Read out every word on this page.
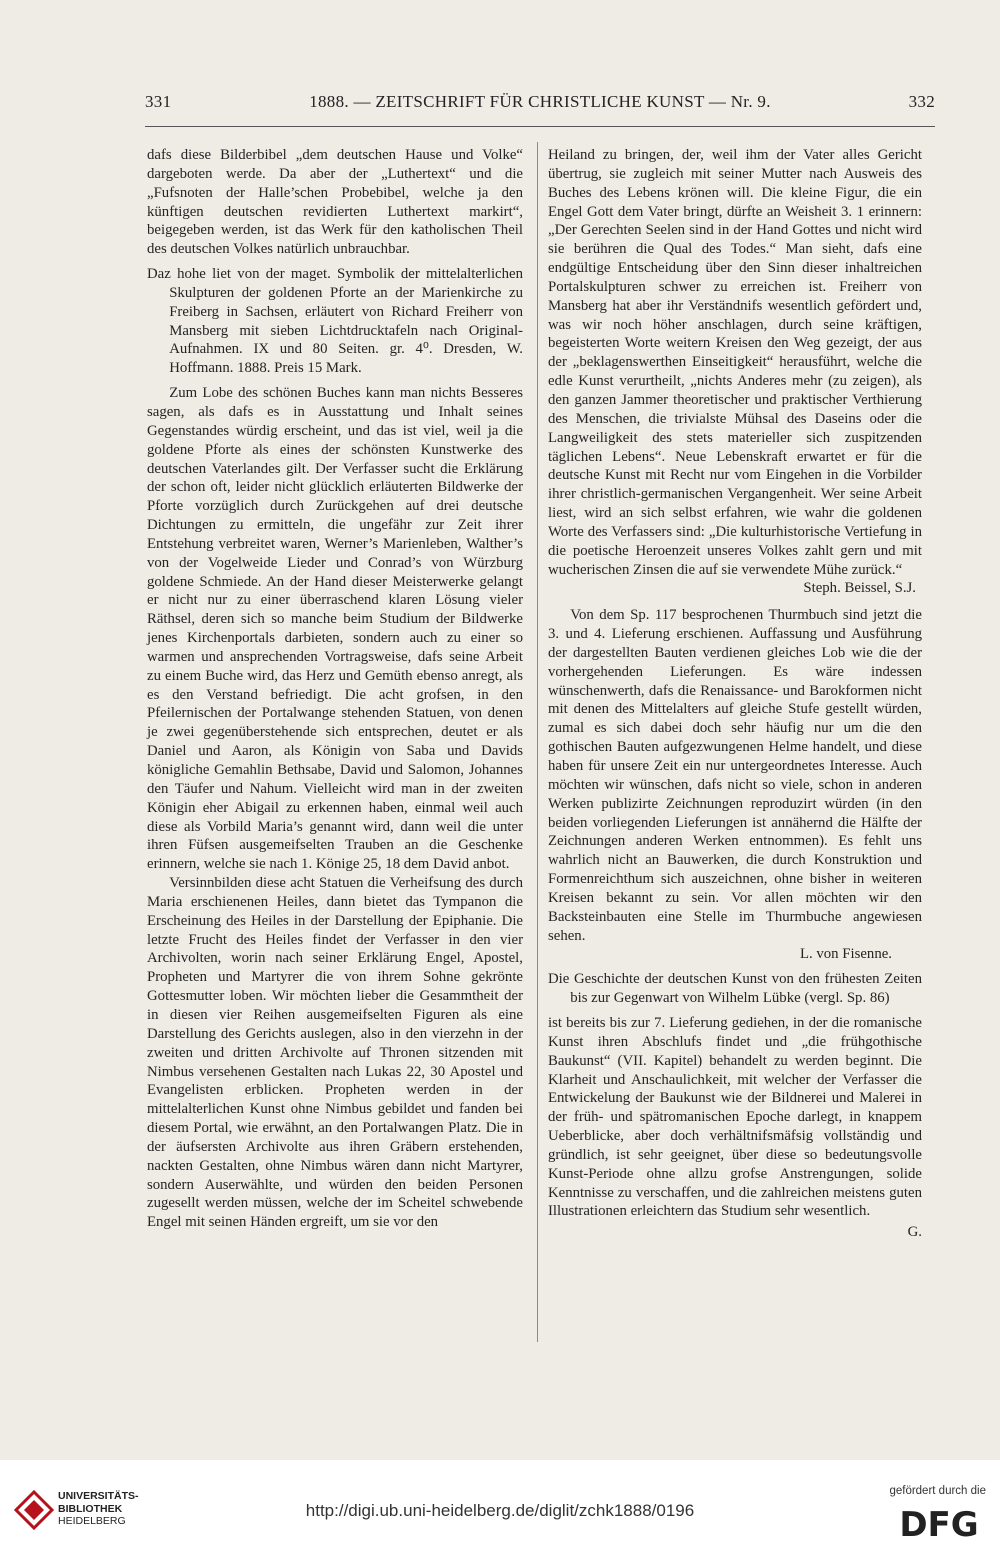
331	1888. — ZEITSCHRIFT FÜR CHRISTLICHE KUNST — Nr. 9.	332

dafs diese Bilderbibel „dem deutschen Hause und Volke“ dargeboten werde. Da aber der „Luthertext“ und die „Fufsnoten der Halle’schen Probebibel, welche ja den künftigen deutschen revidierten Luthertext markirt“, beigegeben werden, ist das Werk für den katholischen Theil des deutschen Volkes natürlich unbrauchbar.

Daz hohe liet von der maget. Symbolik der mittelalterlichen Skulpturen der goldenen Pforte an der Marienkirche zu Freiberg in Sachsen, erläutert von Richard Freiherr von Mansberg mit sieben Lichtdrucktafeln nach Original-Aufnahmen. IX und 80 Seiten. gr. 4⁰. Dresden, W. Hoffmann. 1888. Preis 15 Mark.

Zum Lobe des schönen Buches kann man nichts Besseres sagen, als dafs es in Ausstattung und Inhalt seines Gegenstandes würdig erscheint, und das ist viel, weil ja die goldene Pforte als eines der schönsten Kunstwerke des deutschen Vaterlandes gilt. Der Verfasser sucht die Erklärung der schon oft, leider nicht glücklich erläuterten Bildwerke der Pforte vorzüglich durch Zurückgehen auf drei deutsche Dichtungen zu ermitteln, die ungefähr zur Zeit ihrer Entstehung verbreitet waren, Werner’s Marienleben, Walther’s von der Vogelweide Lieder und Conrad’s von Würzburg goldene Schmiede. An der Hand dieser Meisterwerke gelangt er nicht nur zu einer überraschend klaren Lösung vieler Räthsel, deren sich so manche beim Studium der Bildwerke jenes Kirchenportals darbieten, sondern auch zu einer so warmen und ansprechenden Vortragsweise, dafs seine Arbeit zu einem Buche wird, das Herz und Gemüth ebenso anregt, als es den Verstand befriedigt. Die acht grofsen, in den Pfeilernischen der Portalwange stehenden Statuen, von denen je zwei gegenüberstehende sich entsprechen, deutet er als Daniel und Aaron, als Königin von Saba und Davids königliche Gemahlin Bethsabe, David und Salomon, Johannes den Täufer und Nahum. Vielleicht wird man in der zweiten Königin eher Abigail zu erkennen haben, einmal weil auch diese als Vorbild Maria’s genannt wird, dann weil die unter ihren Füfsen ausgemeifselten Trauben an die Geschenke erinnern, welche sie nach 1. Könige 25, 18 dem David anbot.

Versinnbilden diese acht Statuen die Verheifsung des durch Maria erschienenen Heiles, dann bietet das Tympanon die Erscheinung des Heiles in der Darstellung der Epiphanie. Die letzte Frucht des Heiles findet der Verfasser in den vier Archivolten, worin nach seiner Erklärung Engel, Apostel, Propheten und Martyrer die von ihrem Sohne gekrönte Gottesmutter loben. Wir möchten lieber die Gesammtheit der in diesen vier Reihen ausgemeifselten Figuren als eine Darstellung des Gerichts auslegen, also in den vierzehn in der zweiten und dritten Archivolte auf Thronen sitzenden mit Nimbus versehenen Gestalten nach Lukas 22, 30 Apostel und Evangelisten erblicken. Propheten werden in der mittelalterlichen Kunst ohne Nimbus gebildet und fanden bei diesem Portal, wie erwähnt, an den Portalwangen Platz. Die in der äufsersten Archivolte aus ihren Gräbern erstehenden, nackten Gestalten, ohne Nimbus wären dann nicht Martyrer, sondern Auserwählte, und würden den beiden Personen zugesellt werden müssen, welche der im Scheitel schwebende Engel mit seinen Händen ergreift, um sie vor den

Heiland zu bringen, der, weil ihm der Vater alles Gericht übertrug, sie zugleich mit seiner Mutter nach Ausweis des Buches des Lebens krönen will. Die kleine Figur, die ein Engel Gott dem Vater bringt, dürfte an Weisheit 3. 1 erinnern: „Der Gerechten Seelen sind in der Hand Gottes und nicht wird sie berühren die Qual des Todes.“ Man sieht, dafs eine endgültige Entscheidung über den Sinn dieser inhaltreichen Portalskulpturen schwer zu erreichen ist. Freiherr von Mansberg hat aber ihr Verständnifs wesentlich gefördert und, was wir noch höher anschlagen, durch seine kräftigen, begeisterten Worte weitern Kreisen den Weg gezeigt, der aus der „beklagenswerthen Einseitigkeit“ herausführt, welche die edle Kunst verurtheilt, „nichts Anderes mehr (zu zeigen), als den ganzen Jammer theoretischer und praktischer Verthierung des Menschen, die trivialste Mühsal des Daseins oder die Langweiligkeit des stets materieller sich zuspitzenden täglichen Lebens“. Neue Lebenskraft erwartet er für die deutsche Kunst mit Recht nur vom Eingehen in die Vorbilder ihrer christlich-germanischen Vergangenheit. Wer seine Arbeit liest, wird an sich selbst erfahren, wie wahr die goldenen Worte des Verfassers sind: „Die kulturhistorische Vertiefung in die poetische Heroenzeit unseres Volkes zahlt gern und mit wucherischen Zinsen die auf sie verwendete Mühe zurück.“

Steph. Beissel, S.J.

Von dem Sp. 117 besprochenen Thurmbuch sind jetzt die 3. und 4. Lieferung erschienen. Auffassung und Ausführung der dargestellten Bauten verdienen gleiches Lob wie die der vorhergehenden Lieferungen. Es wäre indessen wünschenwerth, dafs die Renaissance- und Barokformen nicht mit denen des Mittelalters auf gleiche Stufe gestellt würden, zumal es sich dabei doch sehr häufig nur um die den gothischen Bauten aufgezwungenen Helme handelt, und diese haben für unsere Zeit ein nur untergeordnetes Interesse. Auch möchten wir wünschen, dafs nicht so viele, schon in anderen Werken publizirte Zeichnungen reproduzirt würden (in den beiden vorliegenden Lieferungen ist annähernd die Hälfte der Zeichnungen anderen Werken entnommen). Es fehlt uns wahrlich nicht an Bauwerken, die durch Konstruktion und Formenreichthum sich auszeichnen, ohne bisher in weiteren Kreisen bekannt zu sein. Vor allen möchten wir den Backsteinbauten eine Stelle im Thurmbuche angewiesen sehen.

L. von Fisenne.

Die Geschichte der deutschen Kunst von den frühesten Zeiten bis zur Gegenwart von Wilhelm Lübke (vergl. Sp. 86)

ist bereits bis zur 7. Lieferung gediehen, in der die romanische Kunst ihren Abschlufs findet und „die frühgothische Baukunst“ (VII. Kapitel) behandelt zu werden beginnt. Die Klarheit und Anschaulichkeit, mit welcher der Verfasser die Entwickelung der Baukunst wie der Bildnerei und Malerei in der früh- und spätromanischen Epoche darlegt, in knappem Ueberblicke, aber doch verhältnifsmäfsig vollständig und gründlich, ist sehr geeignet, über diese so bedeutungsvolle Kunst-Periode ohne allzu grofse Anstrengungen, solide Kenntnisse zu verschaffen, und die zahlreichen meistens guten Illustrationen erleichtern das Studium sehr wesentlich.

G.

UNIVERSITÄTS-
BIBLIOTHEK
HEIDELBERG
http://digi.ub.uni-heidelberg.de/diglit/zchk1888/0196
gefördert durch die
DFG
